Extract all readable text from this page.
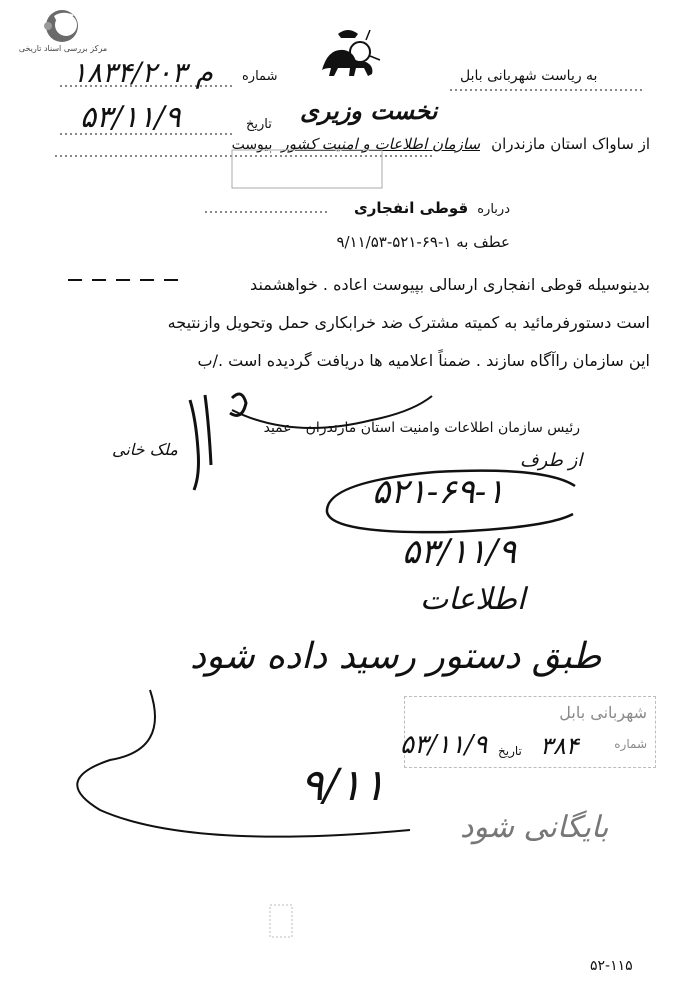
مرکز بررسی اسناد تاریخی
نخست وزیری
شماره
۱۸۳۴/م ۲۰۳
تاریخ
۵۳/۱۱/۹
به ریاست شهربانی بابل
از ساواک استان مازندران سازمان اطلاعات و امنیت کشور پیوست
درباره قوطی انفجاری
عطف به ۱-۶۹-۵۲۱-۹/۱۱/۵۳
بدینوسیله قوطی انفجاری ارسالی بپیوست اعاده . خواهشمند
است دستورفرمائید به کمیته مشترک ضد خرابکاری حمل وتحویل وازنتیجه
این سازمان راآگاه سازند . ضمناً اعلامیه ها دریافت گردیده است ./ب
رئیس سازمان اطلاعات وامنیت استان مازندران - عمید
ملک خانی
از طرف
۵۲۱-۶۹-۱
۵۳/۱۱/۹
اطلاعات
طبق دستور رسید داده شود
شهربانی بابل
شماره
تاریخ
۵۳/۱۱/۹ ۳۸۴
۹/۱۱
بایگانی شود
۵۲-۱۱۵
